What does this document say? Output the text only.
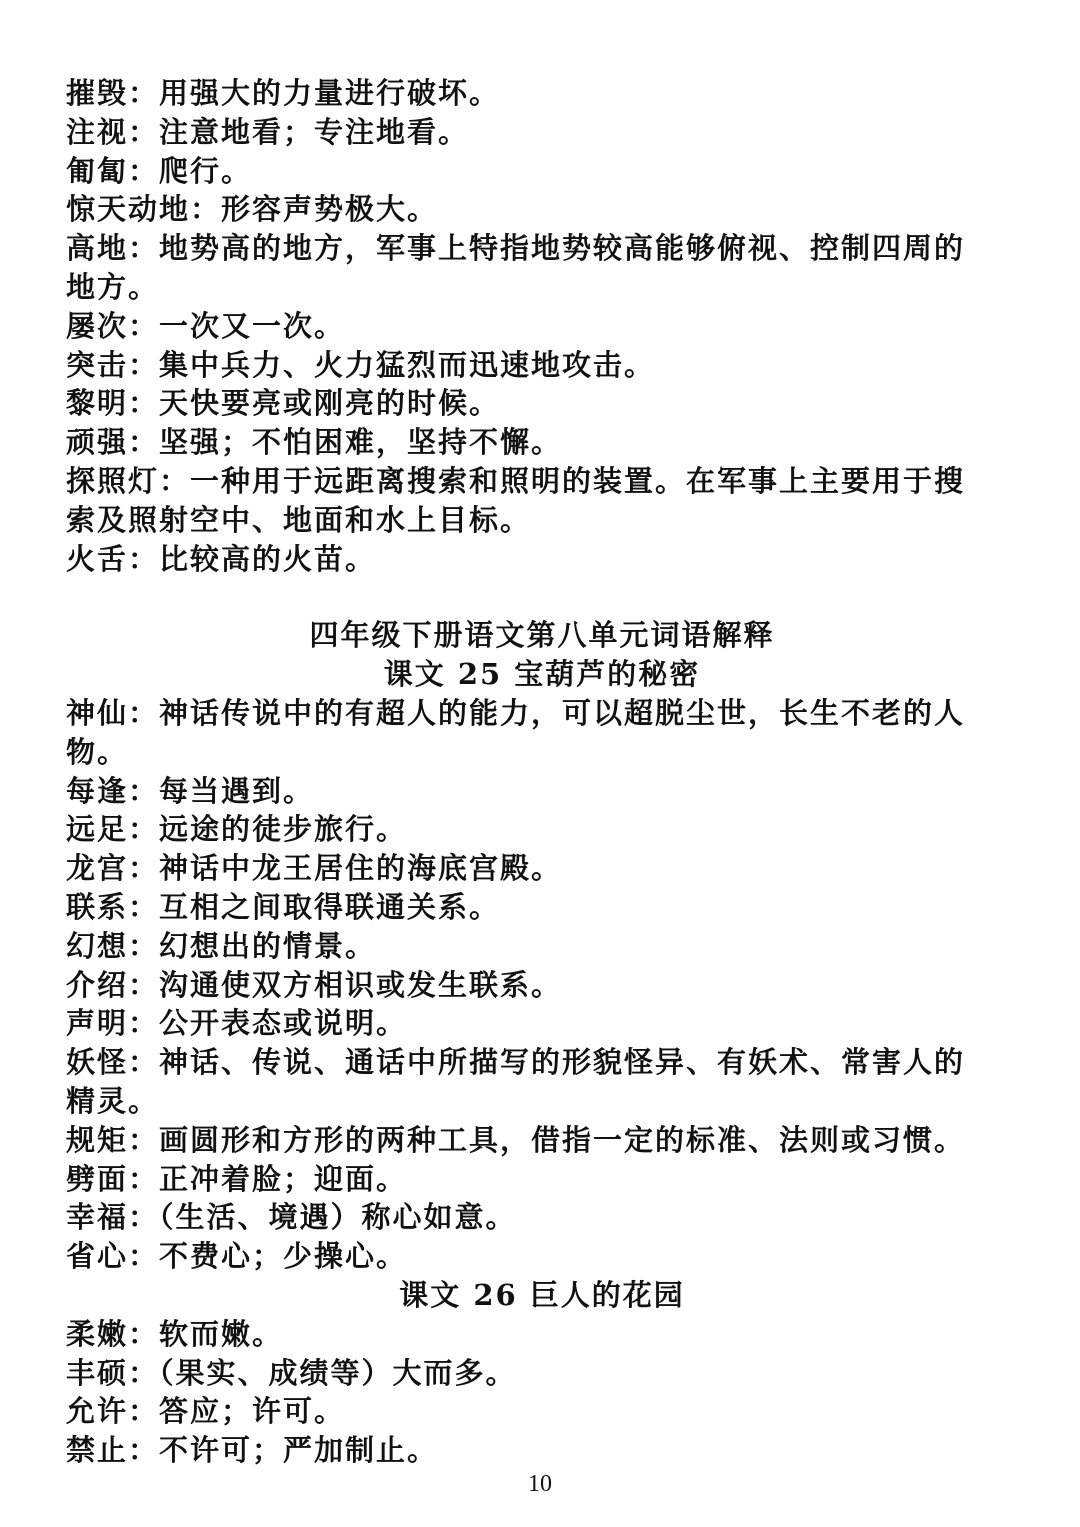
摧毁：用强大的力量进行破坏。
注视：注意地看；专注地看。
匍匐：爬行。
惊天动地：形容声势极大。
高地：地势高的地方，军事上特指地势较高能够俯视、控制四周的
地方。
屡次：一次又一次。
突击：集中兵力、火力猛烈而迅速地攻击。
黎明：天快要亮或刚亮的时候。
顽强：坚强；不怕困难，坚持不懈。
探照灯：一种用于远距离搜索和照明的装置。在军事上主要用于搜
索及照射空中、地面和水上目标。
火舌：比较高的火苗。
四年级下册语文第八单元词语解释
课文 25 宝葫芦的秘密
神仙：神话传说中的有超人的能力，可以超脱尘世，长生不老的人
物。
每逢：每当遇到。
远足：远途的徒步旅行。
龙宫：神话中龙王居住的海底宫殿。
联系：互相之间取得联通关系。
幻想：幻想出的情景。
介绍：沟通使双方相识或发生联系。
声明：公开表态或说明。
妖怪：神话、传说、通话中所描写的形貌怪异、有妖术、常害人的
精灵。
规矩：画圆形和方形的两种工具，借指一定的标准、法则或习惯。
劈面：正冲着脸；迎面。
幸福：（生活、境遇）称心如意。
省心：不费心；少操心。
课文 26 巨人的花园
柔嫩：软而嫩。
丰硕：（果实、成绩等）大而多。
允许：答应；许可。
禁止：不许可；严加制止。
10
